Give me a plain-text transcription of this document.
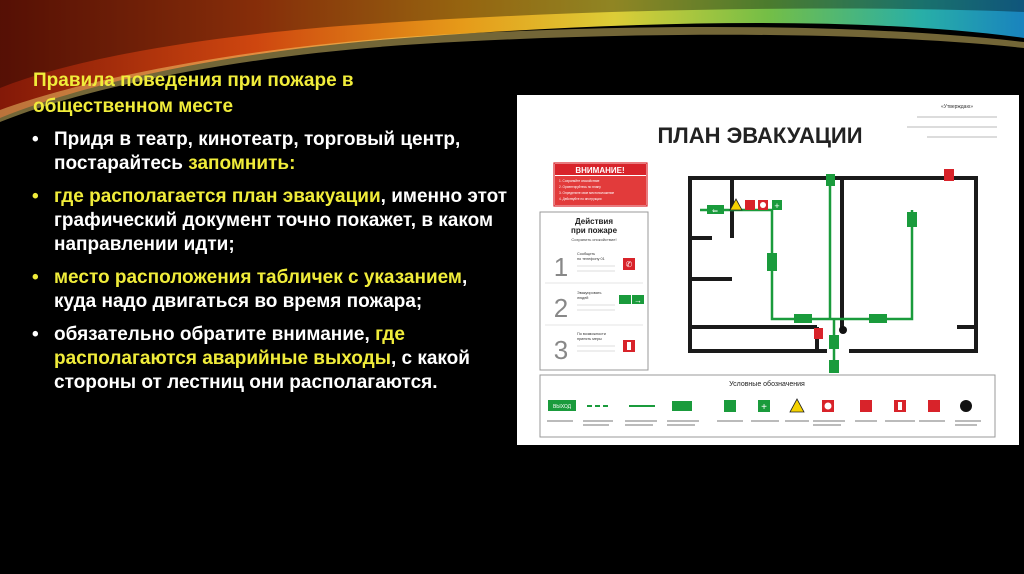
Правила поведения при пожаре в общественном месте
• Придя в театр, кинотеатр, торговый центр, постарайтесь запомнить:
• где располагается план эвакуации, именно этот графический документ точно покажет, в каком направлении идти;
• место расположения табличек с указанием, куда надо двигаться во время пожара;
• обязательно обратите внимание, где располагаются аварийные выходы, с какой стороны от лестниц они располагаются.
«Утверждаю»
ПЛАН ЭВАКУАЦИИ
ВНИМАНИЕ!
1. Сохраняйте спокойствие
2. Ориентируйтесь по плану
3. Определите свое местоположение
4. Действуйте по инструкции
Действия
при пожаре
Сохранить спокойствие!
1 Сообщить
по телефону 01
✆
2 Эвакуировать
людей	→
3
По возможности
принять меры
⇐
+
Условные обозначения
ВЫХОД	+
